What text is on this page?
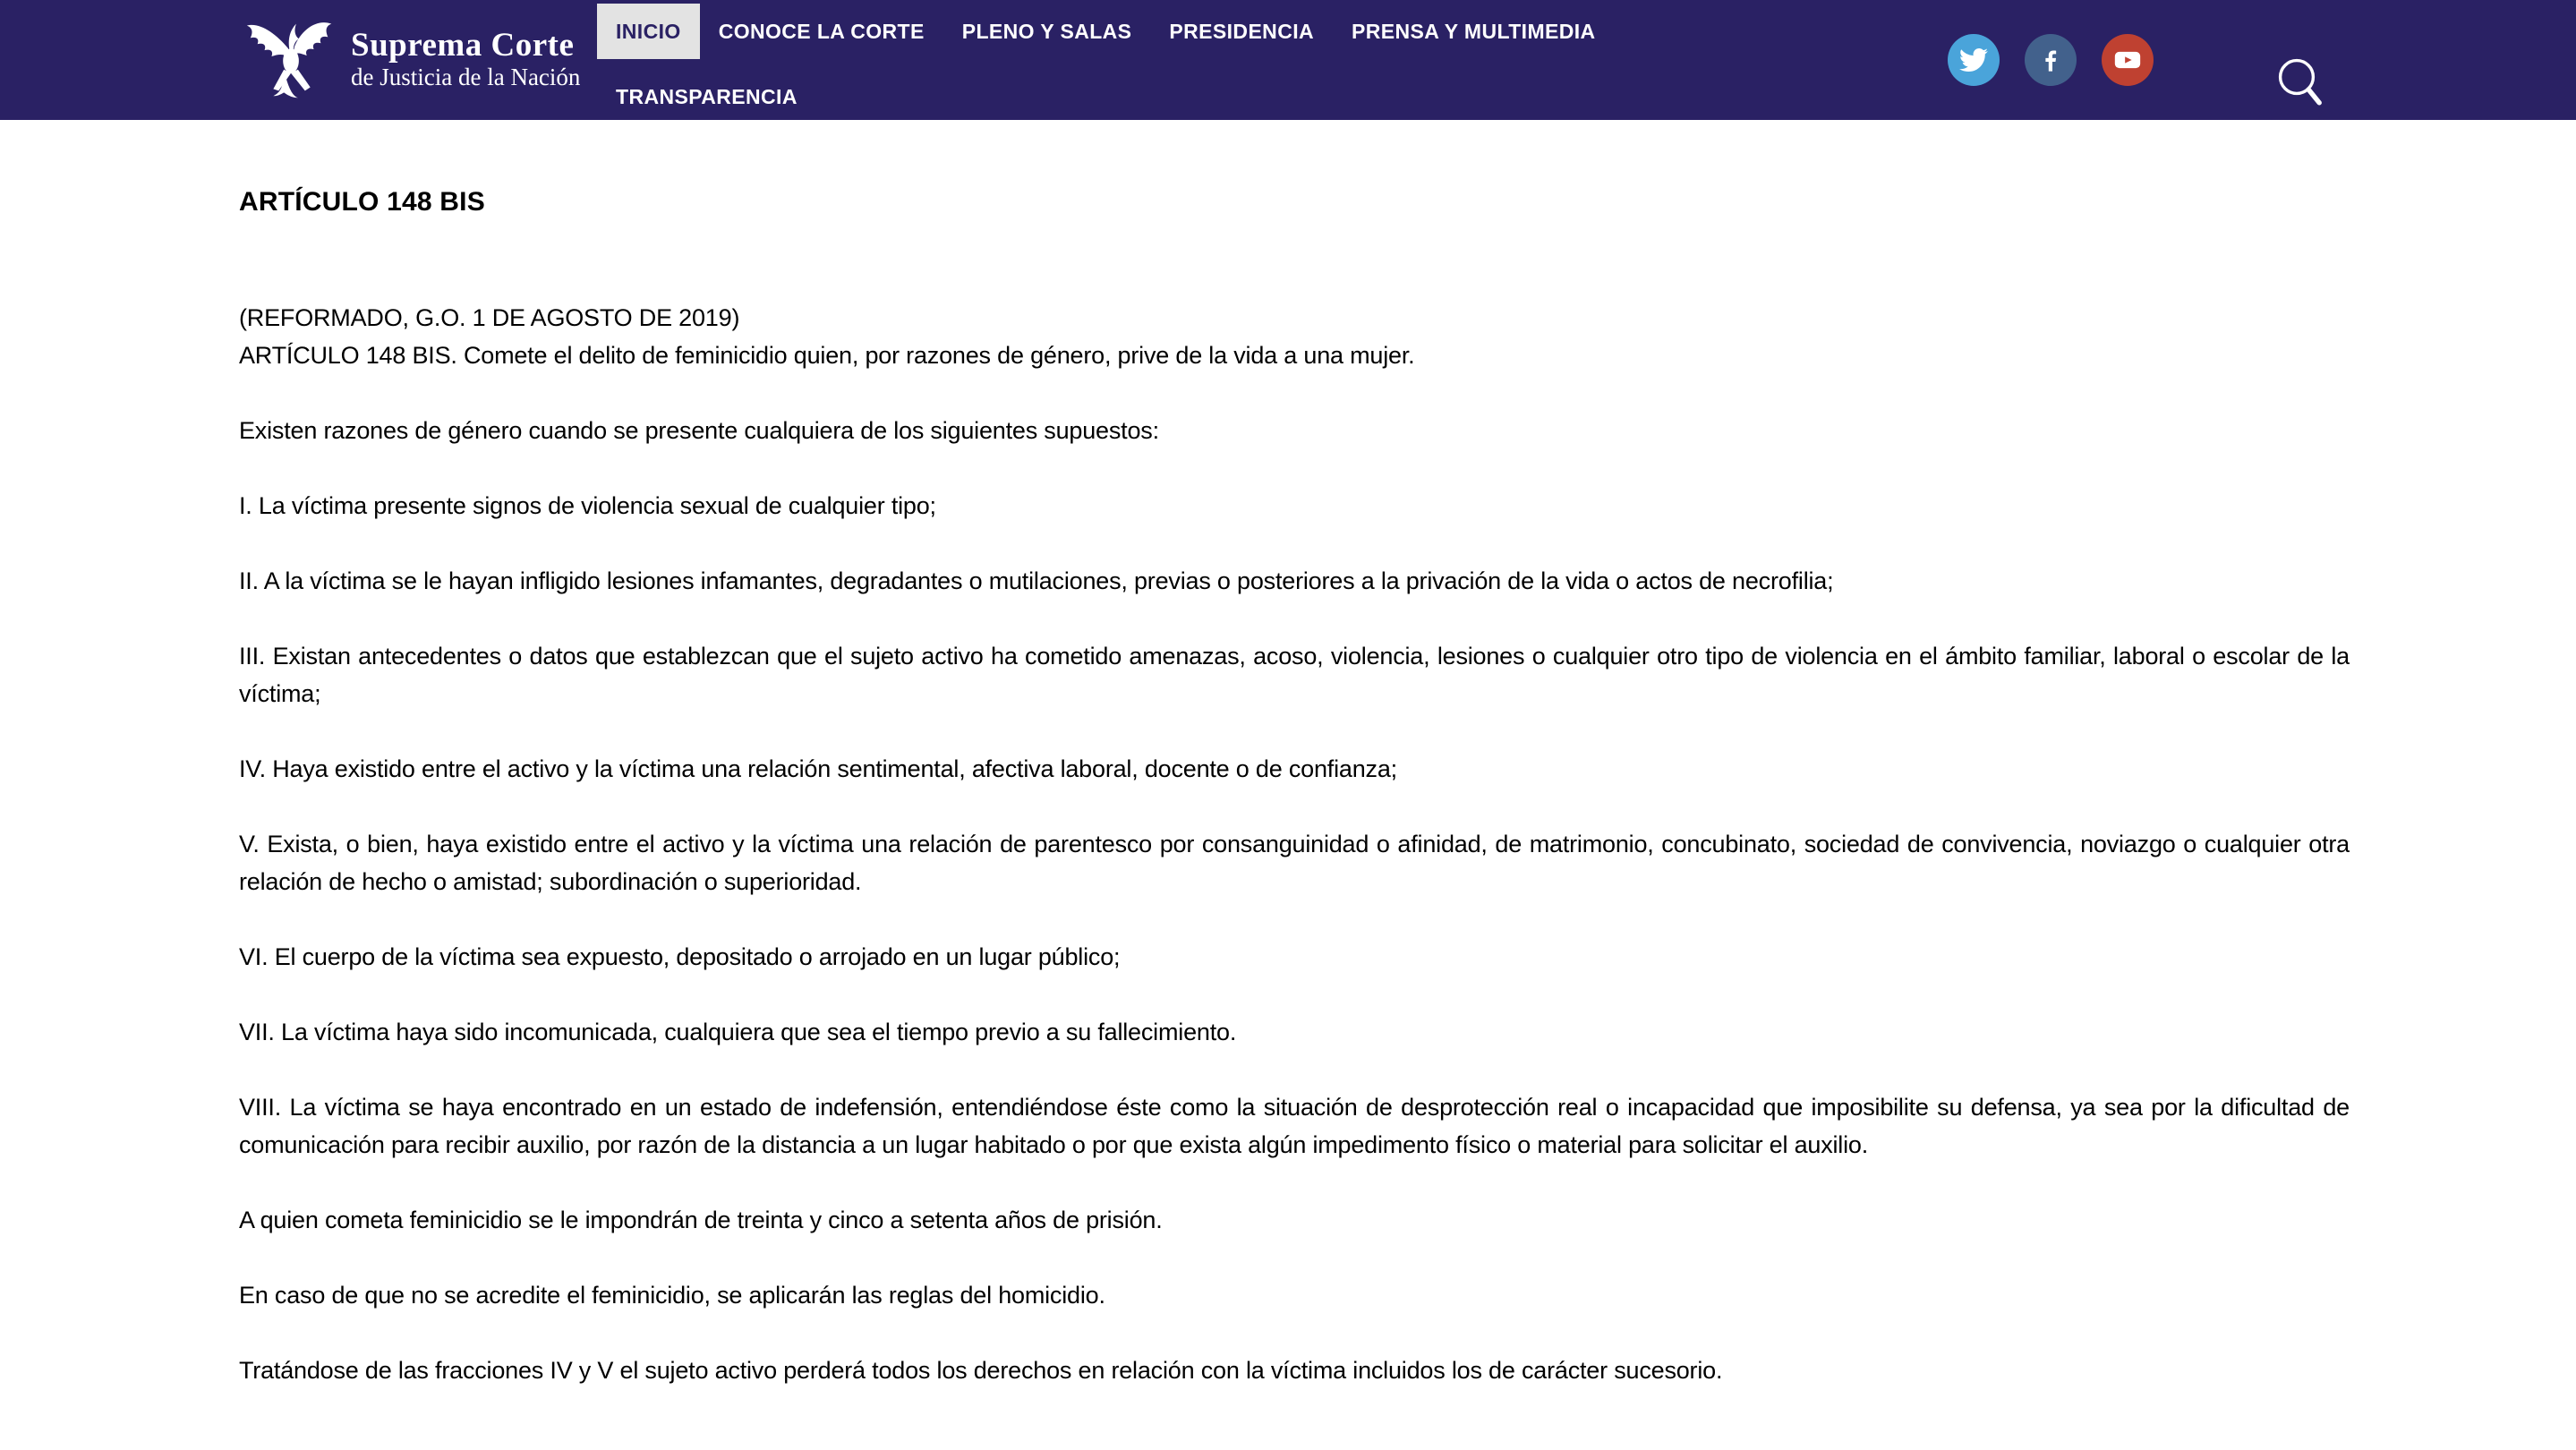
Suprema Corte
de Justicia de la Nación
INICIO	CONOCE LA CORTE	PLENO Y SALAS	PRESIDENCIA	PRENSA Y MULTIMEDIA
TRANSPARENCIA
ARTÍCULO 148 BIS

(REFORMADO, G.O. 1 DE AGOSTO DE 2019)
ARTÍCULO 148 BIS. Comete el delito de feminicidio quien, por razones de género, prive de la vida a una mujer.

Existen razones de género cuando se presente cualquiera de los siguientes supuestos:

I. La víctima presente signos de violencia sexual de cualquier tipo;

II. A la víctima se le hayan infligido lesiones infamantes, degradantes o mutilaciones, previas o posteriores a la privación de la vida o actos de necrofilia;

III. Existan antecedentes o datos que establezcan que el sujeto activo ha cometido amenazas, acoso, violencia, lesiones o cualquier otro tipo de violencia en el ámbito familiar, laboral o escolar de la víctima;

IV. Haya existido entre el activo y la víctima una relación sentimental, afectiva laboral, docente o de confianza;

V. Exista, o bien, haya existido entre el activo y la víctima una relación de parentesco por consanguinidad o afinidad, de matrimonio, concubinato, sociedad de convivencia, noviazgo o cualquier otra relación de hecho o amistad; subordinación o superioridad.

VI. El cuerpo de la víctima sea expuesto, depositado o arrojado en un lugar público;

VII. La víctima haya sido incomunicada, cualquiera que sea el tiempo previo a su fallecimiento.

VIII. La víctima se haya encontrado en un estado de indefensión, entendiéndose éste como la situación de desprotección real o incapacidad que imposibilite su defensa, ya sea por la dificultad de comunicación para recibir auxilio, por razón de la distancia a un lugar habitado o por que exista algún impedimento físico o material para solicitar el auxilio.

A quien cometa feminicidio se le impondrán de treinta y cinco a setenta años de prisión.

En caso de que no se acredite el feminicidio, se aplicarán las reglas del homicidio.

Tratándose de las fracciones IV y V el sujeto activo perderá todos los derechos en relación con la víctima incluidos los de carácter sucesorio.
